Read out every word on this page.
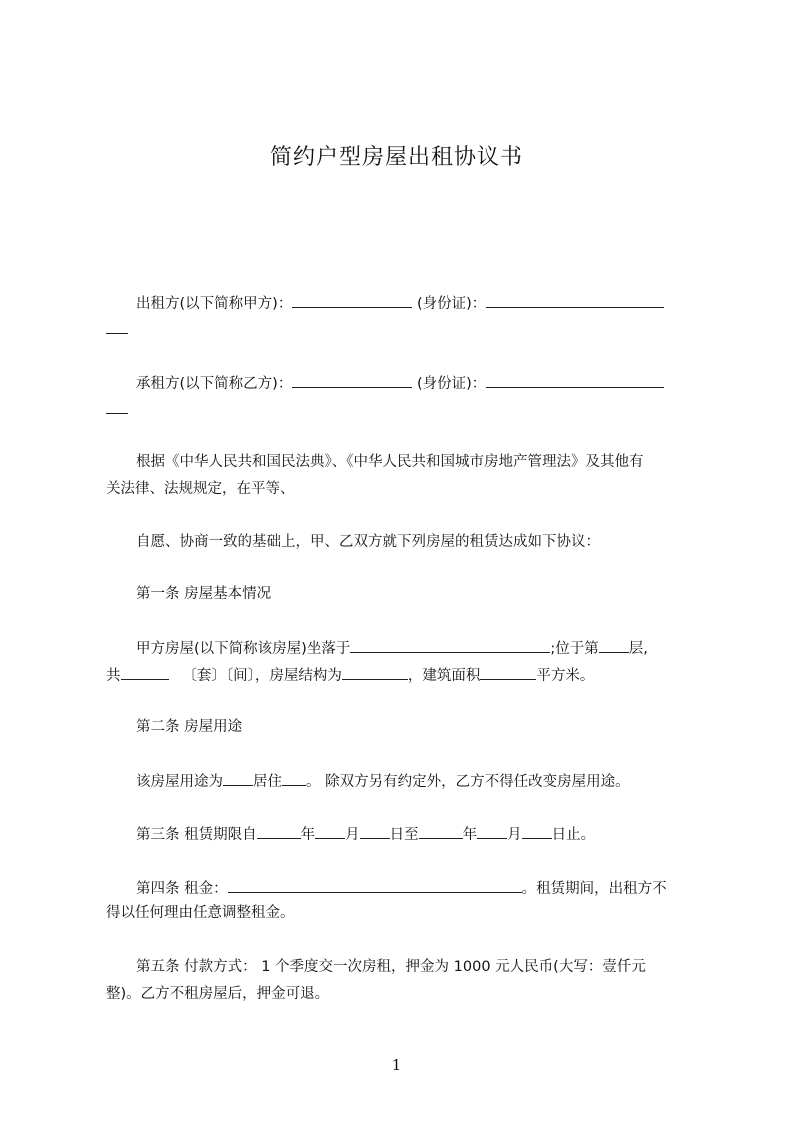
简约户型房屋出租协议书
出租方(以下简称甲方)：	(身份证)：
承租方(以下简称乙方)：	(身份证)：
根据《中华人民共和国民法典》、《中华人民共和国城市房地产管理法》及其他有
关法律、法规规定，在平等、
自愿、协商一致的基础上，甲、乙双方就下列房屋的租赁达成如下协议：
第一条 房屋基本情况
甲方房屋(以下简称该房屋)坐落于	;位于第 层,
共	〔套〕〔间〕，房屋结构为	，建筑面积	平方米。
第二条 房屋用途
该房屋用途为 居住 。 除双方另有约定外，乙方不得任改变房屋用途。
第三条 租赁期限自	年 月 日至	年 月 日止。
第四条 租金：	。租赁期间，出租方不
得以任何理由任意调整租金。
第五条 付款方式： 1 个季度交一次房租，押金为 1000 元人民币(大写：壹仟元
整)。乙方不租房屋后，押金可退。
1
